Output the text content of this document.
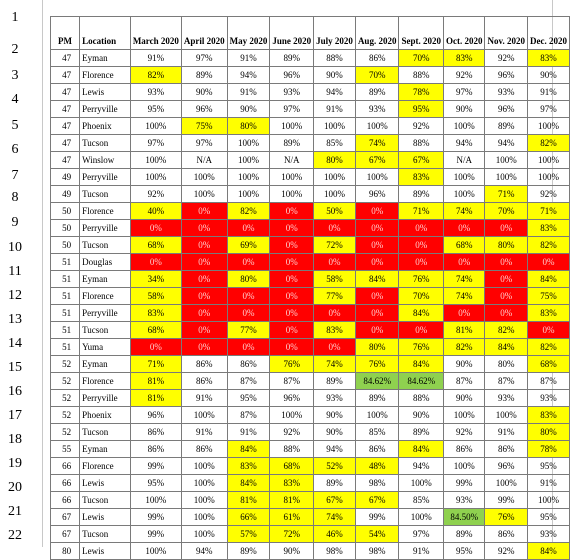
1
2
3
4
5
6
7
8
9
10
11
12
13
14
15
16
17
18
19
20
21
22
PM	Location	March 2020	April 2020	May 2020	June 2020	July 2020	Aug. 2020	Sept. 2020	Oct. 2020	Nov. 2020	Dec. 2020
47	Eyman	91%	97%	91%	89%	88%	86%	70%	83%	92%	83%
47	Florence	82%	89%	94%	96%	90%	70%	88%	92%	96%	90%
47	Lewis	93%	90%	91%	93%	94%	89%	78%	97%	93%	91%
47	Perryville	95%	96%	90%	97%	91%	93%	95%	90%	96%	97%
47	Phoenix	100%	75%	80%	100%	100%	100%	92%	100%	89%	100%
47	Tucson	97%	97%	100%	89%	85%	74%	88%	94%	94%	82%
47	Winslow	100%	N/A	100%	N/A	80%	67%	67%	N/A	100%	100%
49	Perryville	100%	100%	100%	100%	100%	100%	83%	100%	100%	100%
49	Tucson	92%	100%	100%	100%	100%	96%	89%	100%	71%	92%
50	Florence	40%	0%	82%	0%	50%	0%	71%	74%	70%	71%
50	Perryville	0%	0%	0%	0%	0%	0%	0%	0%	0%	83%
50	Tucson	68%	0%	69%	0%	72%	0%	0%	68%	80%	82%
51	Douglas	0%	0%	0%	0%	0%	0%	0%	0%	0%	0%
51	Eyman	34%	0%	80%	0%	58%	84%	76%	74%	0%	84%
51	Florence	58%	0%	0%	0%	77%	0%	70%	74%	0%	75%
51	Perryville	83%	0%	0%	0%	0%	0%	84%	0%	0%	83%
51	Tucson	68%	0%	77%	0%	83%	0%	0%	81%	82%	0%
51	Yuma	0%	0%	0%	0%	0%	80%	76%	82%	84%	82%
52	Eyman	71%	86%	86%	76%	74%	76%	84%	90%	80%	68%
52	Florence	81%	86%	87%	87%	89%	84.62%	84.62%	87%	87%	87%
52	Perryville	81%	91%	95%	96%	93%	89%	88%	90%	93%	93%
52	Phoenix	96%	100%	87%	100%	90%	100%	90%	100%	100%	83%
52	Tucson	86%	91%	91%	92%	90%	85%	89%	92%	91%	80%
55	Eyman	86%	86%	84%	88%	94%	86%	84%	86%	86%	78%
66	Florence	99%	100%	83%	68%	52%	48%	94%	100%	96%	95%
66	Lewis	95%	100%	84%	83%	89%	98%	100%	99%	100%	91%
66	Tucson	100%	100%	81%	81%	67%	67%	85%	93%	99%	100%
67	Lewis	99%	100%	66%	61%	74%	99%	100%	84.50%	76%	95%
67	Tucson	99%	100%	57%	72%	46%	54%	97%	89%	86%	93%
80	Lewis	100%	94%	89%	90%	98%	98%	91%	95%	92%	84%
